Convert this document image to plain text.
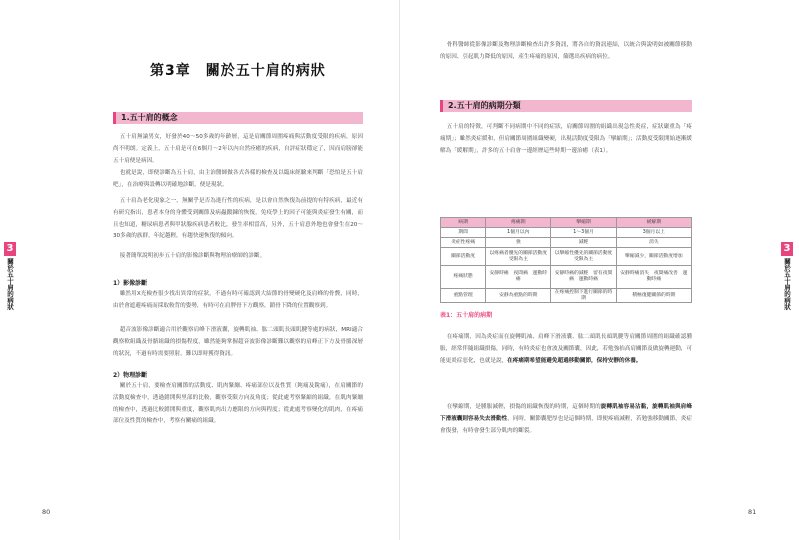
第3章　關於五十肩的病狀
1.五十肩的概念
五十肩無論男女，好發於40～50多歲的年齡層，這是肩關節周圍疼痛與活動度受限的疾病，原因尚不明朗。定義上，五十肩是可在6個月～2年以內自然痊癒的疾病，自評症狀穩定了，因而肩膀卻能五十肩便是病因。
也就是說，即便診斷為五十肩，由主治醫師做各式各樣的檢查及以臨床經驗來判斷「恐怕是五十肩吧」，在治療與設轉以明確地診斷，便是現狀。
五十肩為老化現象之一，無關乎是否為進行性的疾病，是以會自然恢復為前提的有特疾病，最近有有研究指出，患者本身的身體受到關節及病蟲鍛錬的恢復，免疫學上的因子可能與炎症發生有關，而且也知道，糖尿病患者與甲狀腺疾病患者較比，發生率相當高，另外，五十肩意外地也會發生在20～30多歲的族群，年紀越輕，有趨快速恢復的傾向。
接著簡單說明初步五十肩的影像診斷與物理治療師的診斷。
1）影像診斷
雖然用X光檢查很少找出異常的症狀，不過有時可確認到大結節的骨變硬化及肩峰的骨贅，同時，由於會遮避疼痛而採取較背的姿勢，有時可在肩胛骨下方觀察，鎖骨下降的位置觀察到。
超音波影像診斷適合用於觀察肩峰下滑液囊，旋轉肌袖、肱二頭肌長頭肌腱等處的病狀，MRI適合觀察軟組織及骨骼組織的損傷程度，雖然能夠掌握超音波影像診斷難以觀察的肩峰正下方及骨骼深層的狀況，不過有時需要照射，難以即時獲得資訊。
2）物理診斷
關於五十肩，要檢查肩關節的活動度、肌肉緊繃、疼痛部位以及性質（鈍痛及銳痛），在肩關節的活動度檢查中，透過錯開與里部的比較，觀察受限方向及角度；從此處考察緊縮的組織，在肌肉緊繃的檢查中，透過比較錯開與重度，觀察肌肉出力應限的方向與程度；從此處考察變化的肌肉，在疼痛部位及性質的檢查中，考察有關痛的組織。
3
關於五十肩的病狀
80
骨科醫師從影像診斷及物理診斷檢查出許多資訊，將各自的資訊連結，以統合與說明如被關節移動的原因、引起肌力降低的原因，產生疼痛的原因，篩選出疾病的病位。
2.五十肩的病期分類
五十肩的特徵，可判斷不同病期中不同的症狀，肩關節周圍的組織出現急性炎症，症狀嚴重為「疼痛期」；雖然炎症緩和，但肩關節周圍組織變硬，出現活動度受限為「攣縮期」；活動度受限開始逐漸緩解為「緩解期」，許多的五十肩會一邊經歷這些時期一邊治癒（表1）。
病期	疼痛期	攣縮期	緩解期
期間	1個月以內	1～3個月	3個月以上
炎症性疼痛	強	減輕	消失
關節活動度	以疼痛者優先的關節活動度受限為主	以攣縮性優先的關節活動度受限為主	攣縮減少，關節活動度增加
疼痛狀態	安靜時痛　夜間痛　運動時痛	安靜時痛的減輕　留有夜間痛　運動時痛	安靜時痛消失　夜間痛改善　運動時痛
重點管理	安靜為重點的時期	在疼痛控制下進行關節的時期	積極復健關節的時期
表1：五十肩的病期
在疼痛期，因為炎症而在旋轉肌袖、肩峰下滑液囊、肱二頭肌長頭肌腱等肩關節周圍的組織確認腫脹，經常伴隨組織損傷，同時，有時炎症也會波及關節囊，因此，若勉強抬高肩關節及做旋轉運動，可能更炎症惡化，也就是說，在疼痛期希望能避免超過移動關節，保持安靜的休養。
在攣縮期，是腫脹減輕，損傷的組織恢復的時期，這個時期的旋轉肌袖容易沾黏，旋轉肌袖與肩峰下滑液囊則容易失去滑動性，同時，關節囊肥厚也是這個時期，即便疼痛減輕，若勉強移動關節，炎症會復發，有時會發生部分肌肉的斷裂。
3
關於五十肩的病狀
81
